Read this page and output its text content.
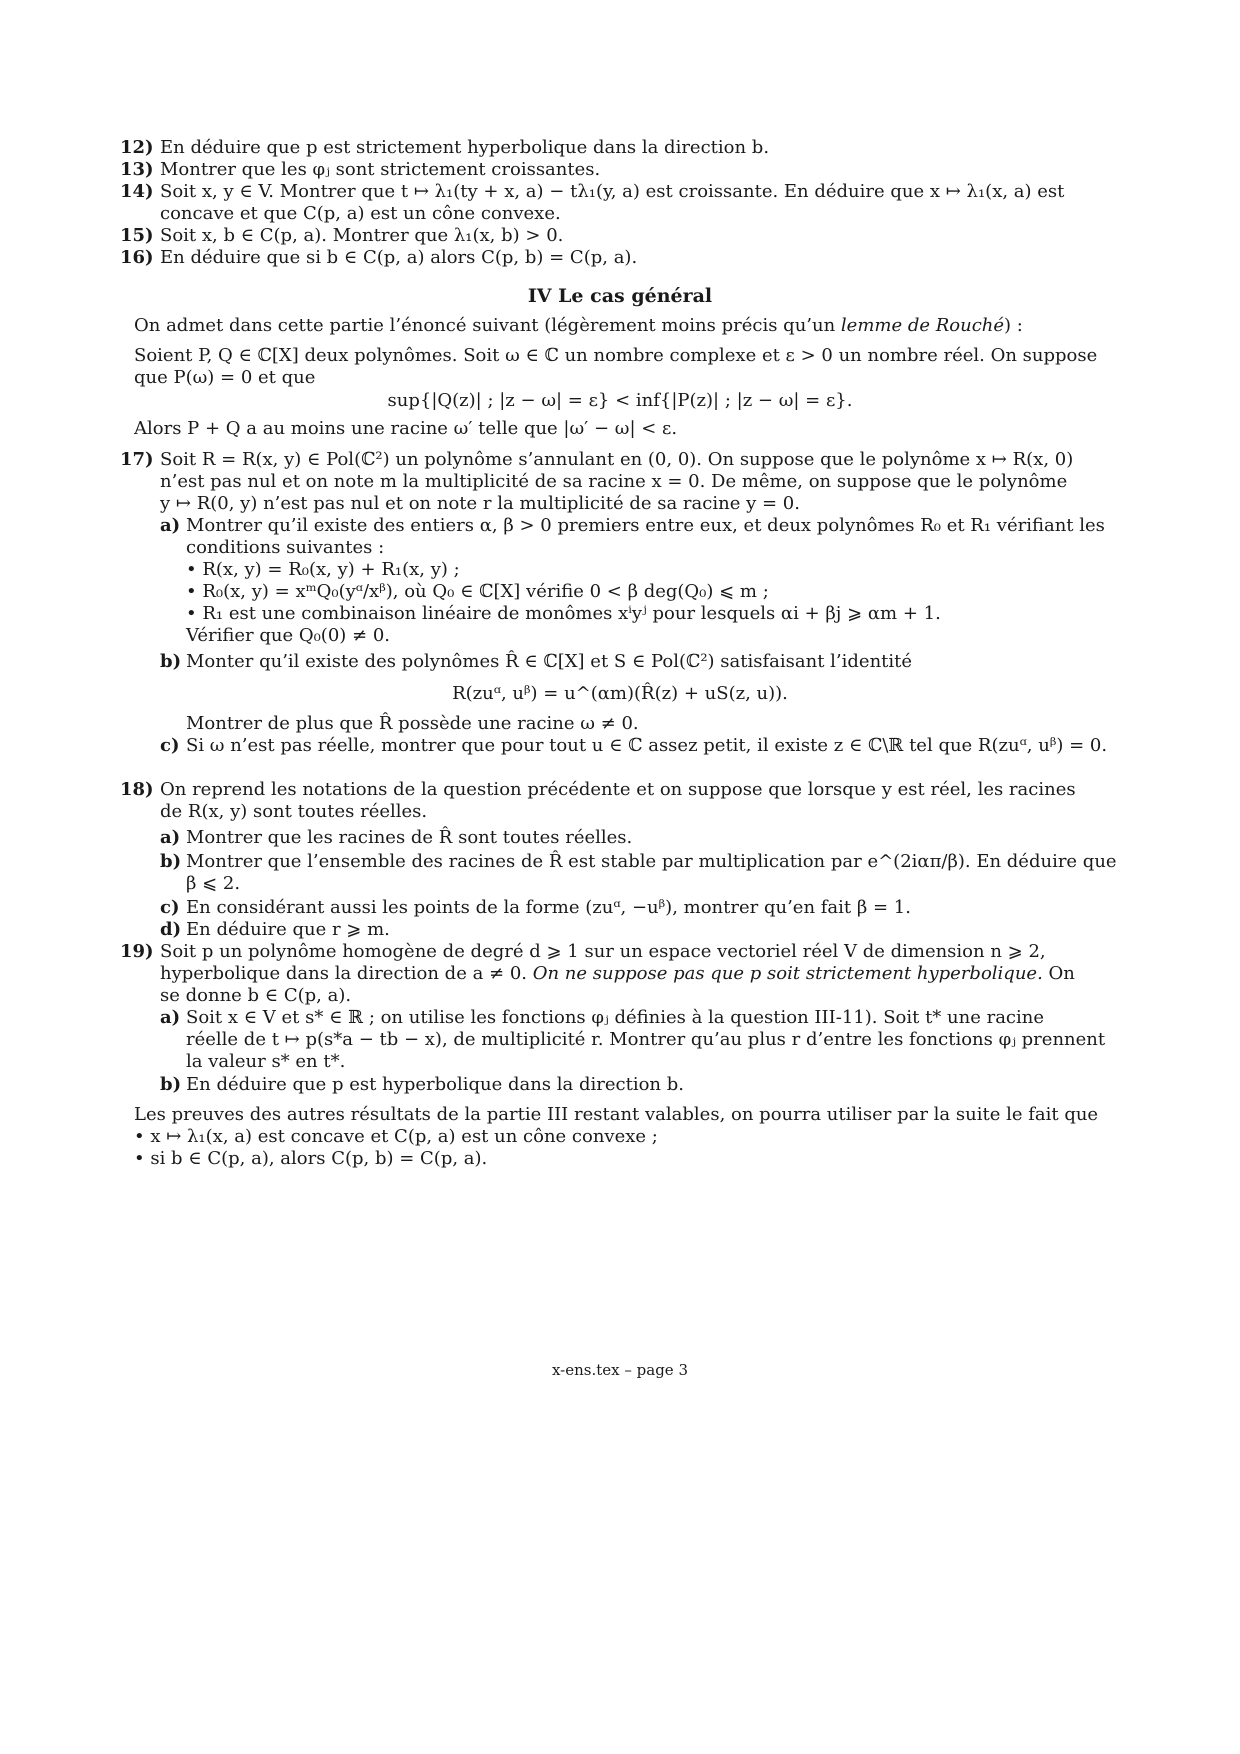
12) En déduire que p est strictement hyperbolique dans la direction b.
13) Montrer que les φⱼ sont strictement croissantes.
14) Soit x, y ∈ V. Montrer que t ↦ λ₁(ty + x, a) − tλ₁(y, a) est croissante. En déduire que x ↦ λ₁(x, a) est
concave et que C(p, a) est un cône convexe.
15) Soit x, b ∈ C(p, a). Montrer que λ₁(x, b) > 0.
16) En déduire que si b ∈ C(p, a) alors C(p, b) = C(p, a).
IV Le cas général
On admet dans cette partie l’énoncé suivant (légèrement moins précis qu’un lemme de Rouché) :
Soient P, Q ∈ ℂ[X] deux polynômes. Soit ω ∈ ℂ un nombre complexe et ε > 0 un nombre réel. On suppose
que P(ω) = 0 et que
sup{|Q(z)| ; |z − ω| = ε} < inf{|P(z)| ; |z − ω| = ε}.
Alors P + Q a au moins une racine ω′ telle que |ω′ − ω| < ε.
17) Soit R = R(x, y) ∈ Pol(ℂ²) un polynôme s’annulant en (0, 0). On suppose que le polynôme x ↦ R(x, 0)
n’est pas nul et on note m la multiplicité de sa racine x = 0. De même, on suppose que le polynôme
y ↦ R(0, y) n’est pas nul et on note r la multiplicité de sa racine y = 0.
a) Montrer qu’il existe des entiers α, β > 0 premiers entre eux, et deux polynômes R₀ et R₁ vérifiant les
conditions suivantes :
• R(x, y) = R₀(x, y) + R₁(x, y) ;
• R₀(x, y) = xᵐQ₀(yᵅ/xᵝ), où Q₀ ∈ ℂ[X] vérifie 0 < β deg(Q₀) ⩽ m ;
• R₁ est une combinaison linéaire de monômes xⁱyʲ pour lesquels αi + βj ⩾ αm + 1.
Vérifier que Q₀(0) ≠ 0.
b) Monter qu’il existe des polynômes R̂ ∈ ℂ[X] et S ∈ Pol(ℂ²) satisfaisant l’identité
R(zuᵅ, uᵝ) = u^(αm)(R̂(z) + uS(z, u)).
Montrer de plus que R̂ possède une racine ω ≠ 0.
c) Si ω n’est pas réelle, montrer que pour tout u ∈ ℂ assez petit, il existe z ∈ ℂ\ℝ tel que R(zuᵅ, uᵝ) = 0.
18) On reprend les notations de la question précédente et on suppose que lorsque y est réel, les racines
de R(x, y) sont toutes réelles.
a) Montrer que les racines de R̂ sont toutes réelles.
b) Montrer que l’ensemble des racines de R̂ est stable par multiplication par e^(2iαπ/β). En déduire que
β ⩽ 2.
c) En considérant aussi les points de la forme (zuᵅ, −uᵝ), montrer qu’en fait β = 1.
d) En déduire que r ⩾ m.
19) Soit p un polynôme homogène de degré d ⩾ 1 sur un espace vectoriel réel V de dimension n ⩾ 2,
hyperbolique dans la direction de a ≠ 0. On ne suppose pas que p soit strictement hyperbolique. On
se donne b ∈ C(p, a).
a) Soit x ∈ V et s* ∈ ℝ ; on utilise les fonctions φⱼ définies à la question III-11). Soit t* une racine
réelle de t ↦ p(s*a − tb − x), de multiplicité r. Montrer qu’au plus r d’entre les fonctions φⱼ prennent
la valeur s* en t*.
b) En déduire que p est hyperbolique dans la direction b.
Les preuves des autres résultats de la partie III restant valables, on pourra utiliser par la suite le fait que
• x ↦ λ₁(x, a) est concave et C(p, a) est un cône convexe ;
• si b ∈ C(p, a), alors C(p, b) = C(p, a).
x-ens.tex – page 3
